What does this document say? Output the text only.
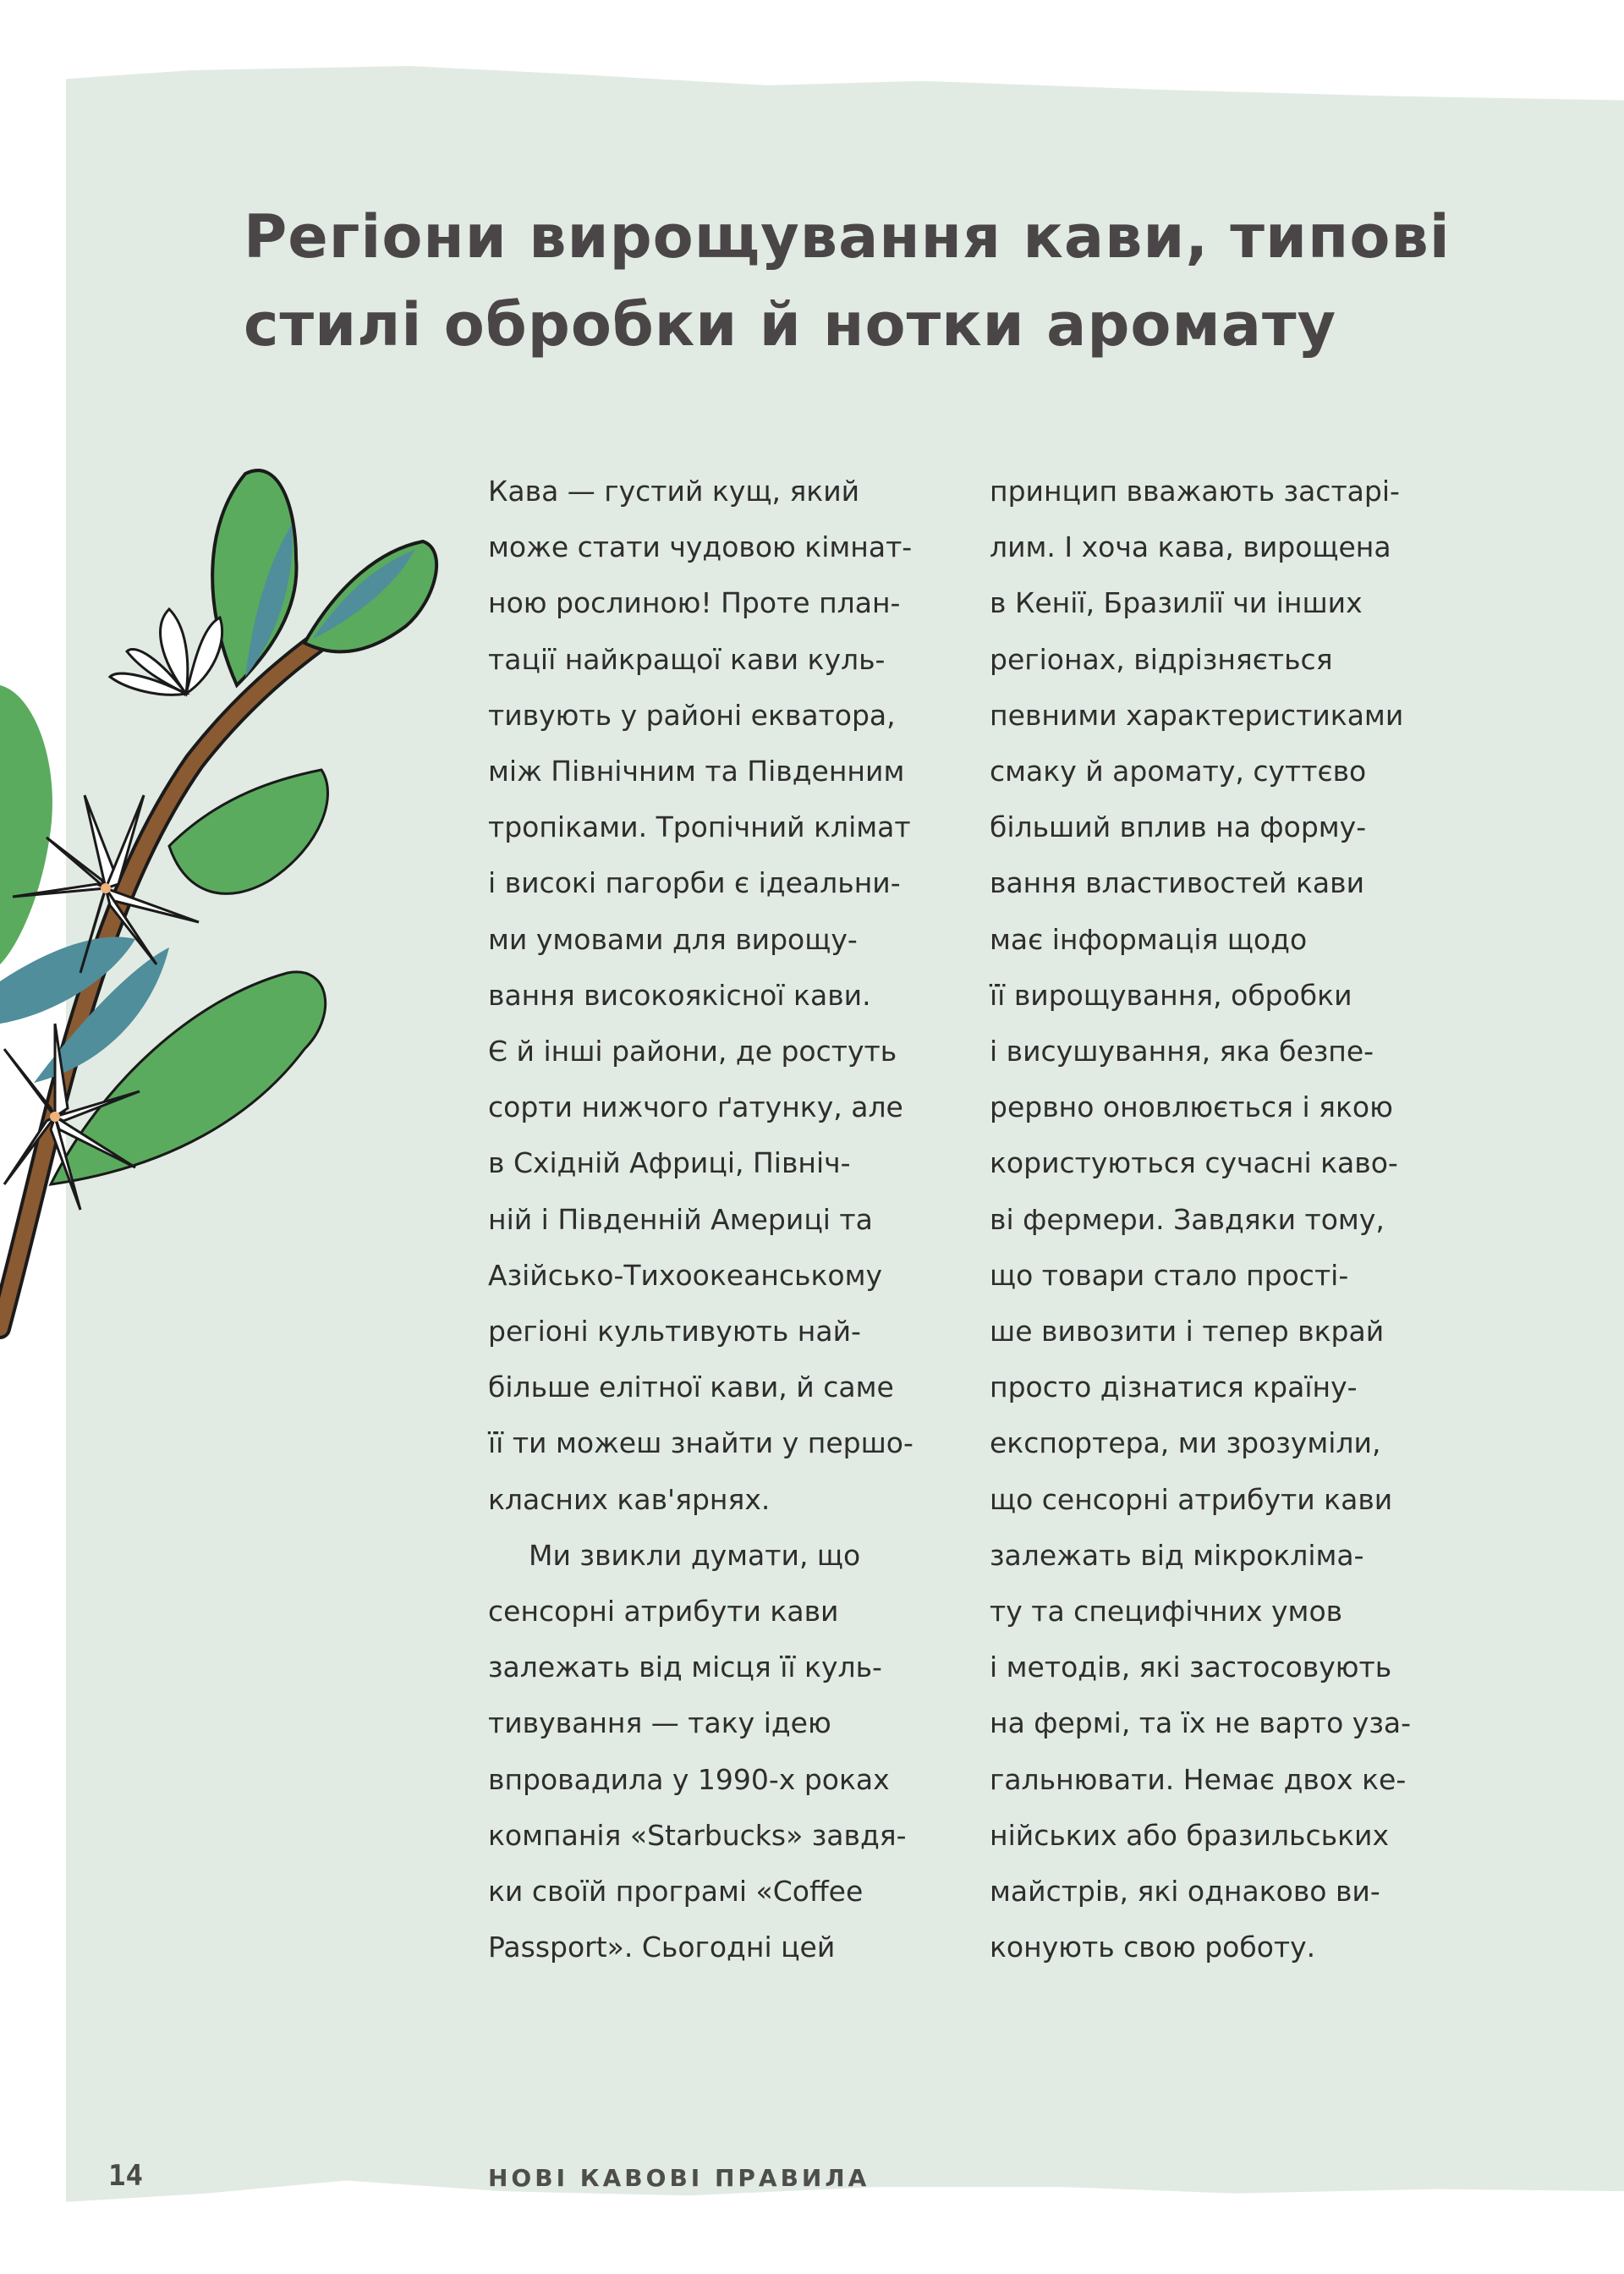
Регіони вирощування кави, типові
стилі обробки й нотки аромату
Кава — густий кущ, який
може стати чудовою кімнат-
ною рослиною! Проте план-
тації найкращої кави куль-
тивують у районі екватора,
між Північним та Південним
тропіками. Тропічний клімат
і високі пагорби є ідеальни-
ми умовами для вирощу-
вання високоякісної кави.
Є й інші райони, де ростуть
сорти нижчого ґатунку, але
в Східній Африці, Північ-
ній і Південній Америці та
Азійсько-Тихоокеанському
регіоні культивують най-
більше елітної кави, й саме
її ти можеш знайти у першо-
класних кав'ярнях.
Ми звикли думати, що
сенсорні атрибути кави
залежать від місця її куль-
тивування — таку ідею
впровадила у 1990-х роках
компанія «Starbucks» завдя-
ки своїй програмі «Coffee
Passport». Сьогодні цей
принцип вважають застарі-
лим. І хоча кава, вирощена
в Кенії, Бразилії чи інших
регіонах, відрізняється
певними характеристиками
смаку й аромату, суттєво
більший вплив на форму-
вання властивостей кави
має інформація щодо
її вирощування, обробки
і висушування, яка безпе-
рервно оновлюється і якою
користуються сучасні каво-
ві фермери. Завдяки тому,
що товари стало простi-
ше вивозити і тепер вкрай
просто дізнатися країну-
експортера, ми зрозуміли,
що сенсорні атрибути кави
залежать від мікрокліма-
ту та специфічних умов
і методів, які застосовують
на фермі, та їх не варто уза-
гальнювати. Немає двох ке-
нійських або бразильських
майстрів, які однаково ви-
конують свою роботу.
14	НОВІ КАВОВІ ПРАВИЛА
